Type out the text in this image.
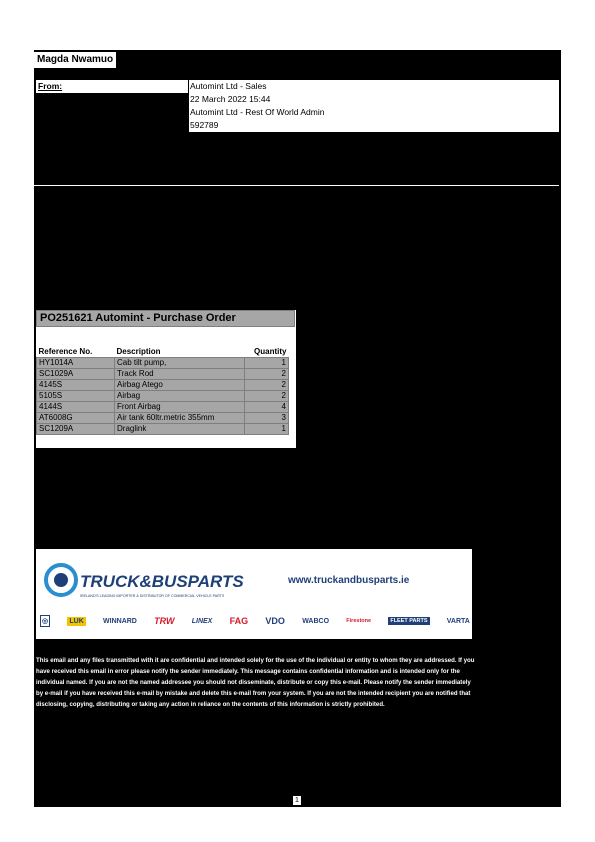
Magda Nwamuo
From:	Automint Ltd - Sales
22 March 2022 15:44
Automint Ltd - Rest Of World Admin
592789
PO251621 Automint - Purchase Order
Reference No.	Description	Quantity
HY1014A	Cab tilt pump,	1
SC1029A	Track Rod	2
4145S	Airbag Atego	2
5105S	Airbag	2
4144S	Front Airbag	4
AT6008G	Air tank 60ltr.metric 355mm	3
SC1209A	Draglink	1
TRUCK&BUSPARTS
IRELAND'S LEADING IMPORTER & DISTRIBUTOR OF COMMERCIAL VEHICLE PARTS
www.truckandbusparts.ie
◎	LUK	WINNARD TRW LINEX FAG VDO WABCO	Firestone	FLEET PARTS	VARTA
This email and any files transmitted with it are confidential and intended solely for the use of the individual or entity to whom they are addressed. If you have received this email in error please notify the sender immediately. This message contains confidential information and is intended only for the individual named. If you are not the named addressee you should not disseminate, distribute or copy this e-mail. Please notify the sender immediately by e-mail if you have received this e-mail by mistake and delete this e-mail from your system. If you are not the intended recipient you are notified that disclosing, copying, distributing or taking any action in reliance on the contents of this information is strictly prohibited.
1
